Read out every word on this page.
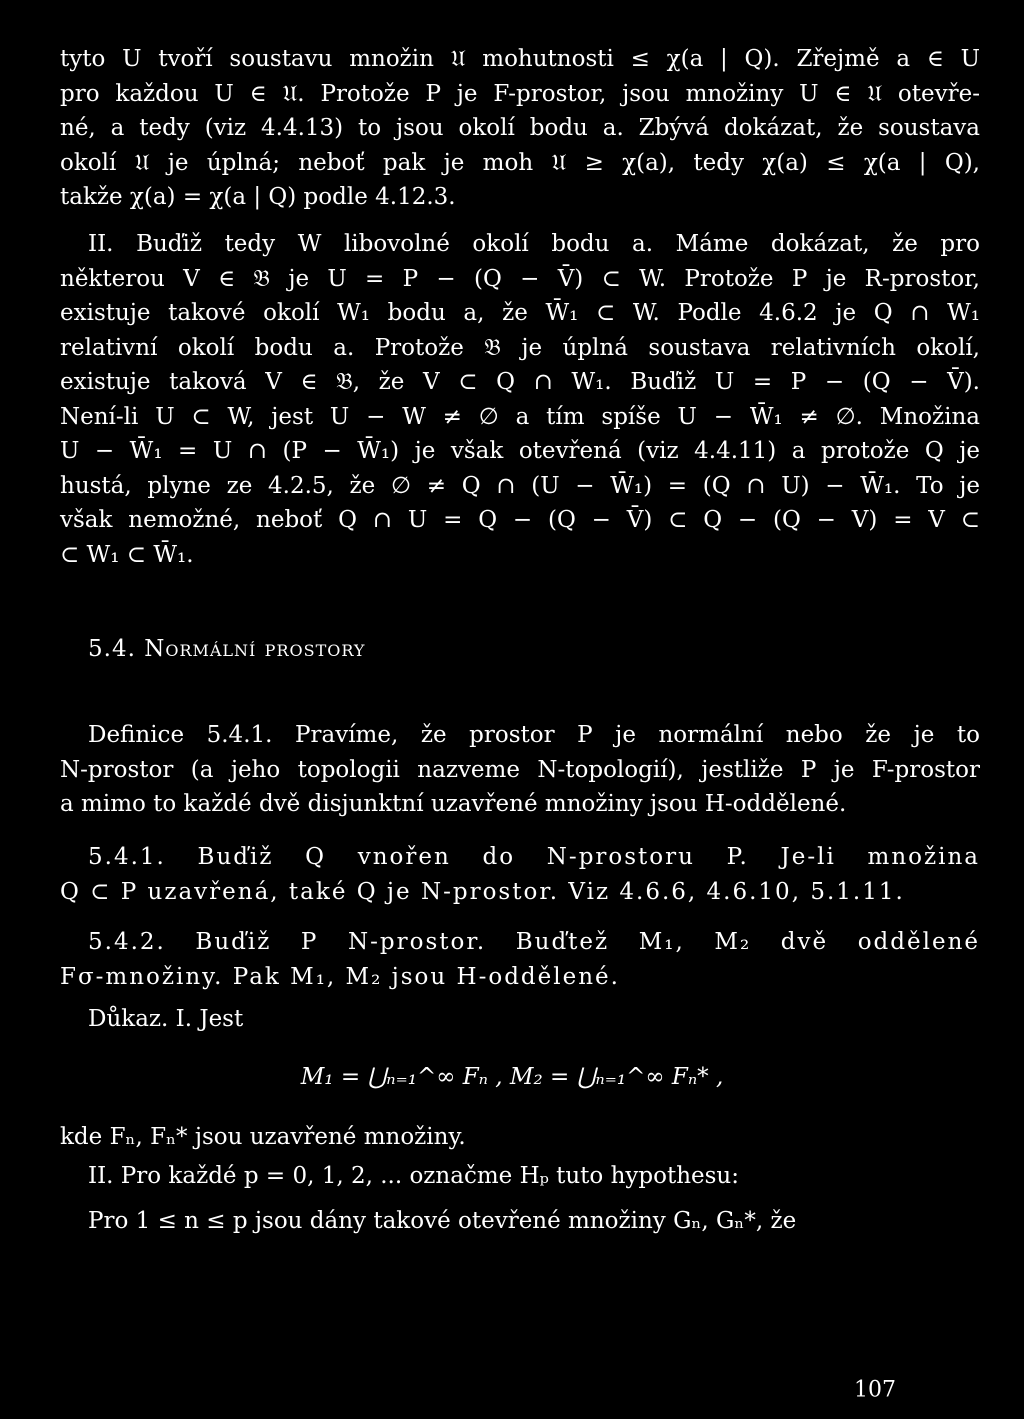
tyto U tvoří soustavu množin 𝔘 mohutnosti ≤ χ(a | Q). Zřejmě a ∈ U

pro každou U ∈ 𝔘. Protože P je F-prostor, jsou množiny U ∈ 𝔘 otevře-

né, a tedy (viz 4.4.13) to jsou okolí bodu a. Zbývá dokázat, že soustava

okolí 𝔘 je úplná; neboť pak je moh 𝔘 ≥ χ(a), tedy χ(a) ≤ χ(a | Q),

takže χ(a) = χ(a | Q) podle 4.12.3.

II. Buďiž tedy W libovolné okolí bodu a. Máme dokázat, že pro

některou V ∈ 𝔅 je U = P − (Q − V̄) ⊂ W. Protože P je R-prostor,

existuje takové okolí W₁ bodu a, že W̄₁ ⊂ W. Podle 4.6.2 je Q ∩ W₁

relativní okolí bodu a. Protože 𝔅 je úplná soustava relativních okolí,

existuje taková V ∈ 𝔅, že V ⊂ Q ∩ W₁. Buďiž U = P − (Q − V̄).

Není-li U ⊂ W, jest U − W ≠ ∅ a tím spíše U − W̄₁ ≠ ∅. Množina

U − W̄₁ = U ∩ (P − W̄₁) je však otevřená (viz 4.4.11) a protože Q je

hustá, plyne ze 4.2.5, že ∅ ≠ Q ∩ (U − W̄₁) = (Q ∩ U) − W̄₁. To je

však nemožné, neboť Q ∩ U = Q − (Q − V̄) ⊂ Q − (Q − V) = V ⊂

⊂ W₁ ⊂ W̄₁.

5.4. Normální prostory

Definice 5.4.1. Pravíme, že prostor P je normální nebo že je to

N-prostor (a jeho topologii nazveme N-topologií), jestliže P je F-prostor

a mimo to každé dvě disjunktní uzavřené množiny jsou H-oddělené.

5.4.1. Buďiž Q vnořen do N-prostoru P. Je-li množina

Q ⊂ P uzavřená, také Q je N-prostor. Viz 4.6.6, 4.6.10, 5.1.11.

5.4.2. Buďiž P N-prostor. Buďtež M₁, M₂ dvě oddělené

Fσ-množiny. Pak M₁, M₂ jsou H-oddělené.

Důkaz. I. Jest
M₁ = ⋃ₙ₌₁^∞ Fₙ , M₂ = ⋃ₙ₌₁^∞ Fₙ* ,
kde Fₙ, Fₙ* jsou uzavřené množiny.
II. Pro každé p = 0, 1, 2, ... označme Hₚ tuto hypothesu:
Pro 1 ≤ n ≤ p jsou dány takové otevřené množiny Gₙ, Gₙ*, že
107
